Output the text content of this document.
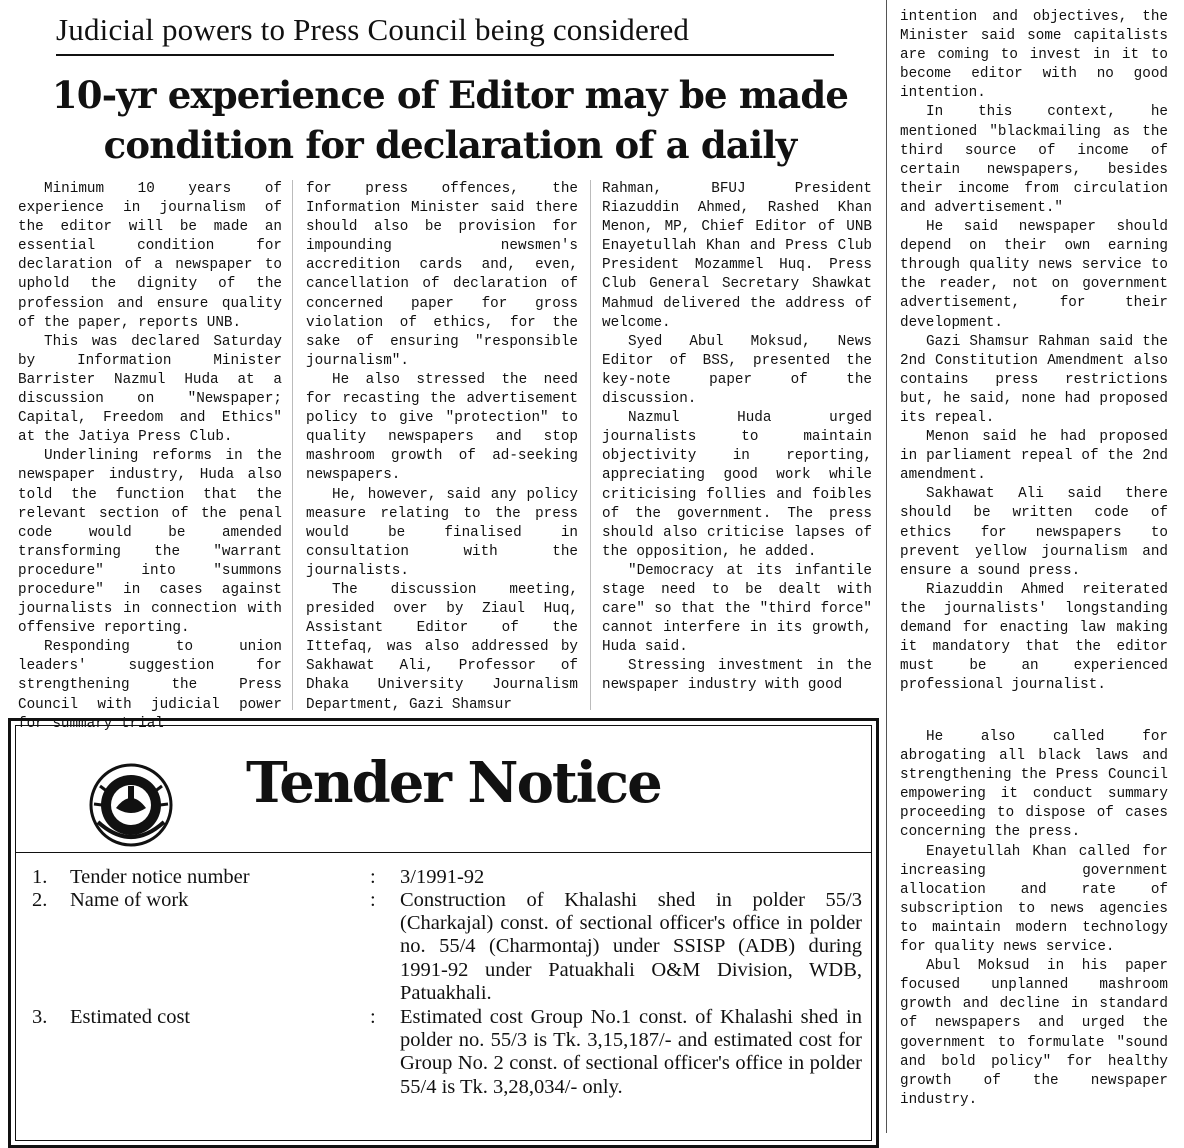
Judicial powers to Press Council being considered
10-yr experience of Editor may be made condition for declaration of a daily

Minimum 10 years of experience in journalism of the editor will be made an essential condition for declaration of a newspaper to uphold the dignity of the profession and ensure quality of the paper, reports UNB.

This was declared Saturday by Information Minister Barrister Nazmul Huda at a discussion on "Newspaper; Capital, Freedom and Ethics" at the Jatiya Press Club.

Underlining reforms in the newspaper industry, Huda also told the function that the relevant section of the penal code would be amended transforming the "warrant procedure" into "summons procedure" in cases against journalists in connection with offensive reporting.

Responding to union leaders' suggestion for strengthening the Press Council with judicial power for summary trial

for press offences, the Information Minister said there should also be provision for impounding newsmen's accredition cards and, even, cancellation of declaration of concerned paper for gross violation of ethics, for the sake of ensuring "responsible journalism".

He also stressed the need for recasting the advertisement policy to give "protection" to quality newspapers and stop mashroom growth of ad-seeking newspapers.

He, however, said any policy measure relating to the press would be finalised in consultation with the journalists.

The discussion meeting, presided over by Ziaul Huq, Assistant Editor of the Ittefaq, was also addressed by Sakhawat Ali, Professor of Dhaka University Journalism Department, Gazi Shamsur

Rahman, BFUJ President Riazuddin Ahmed, Rashed Khan Menon, MP, Chief Editor of UNB Enayetullah Khan and Press Club President Mozammel Huq. Press Club General Secretary Shawkat Mahmud delivered the address of welcome.

Syed Abul Moksud, News Editor of BSS, presented the key-note paper of the discussion.

Nazmul Huda urged journalists to maintain objectivity in reporting, appreciating good work while criticising follies and foibles of the government. The press should also criticise lapses of the opposition, he added.

"Democracy at its infantile stage need to be dealt with care" so that the "third force" cannot interfere in its growth, Huda said.

Stressing investment in the newspaper industry with good

intention and objectives, the Minister said some capitalists are coming to invest in it to become editor with no good intention.

In this context, he mentioned "blackmailing as the third source of income of certain newspapers, besides their income from circulation and advertisement."

He said newspaper should depend on their own earning through quality news service to the reader, not on government advertisement, for their development.

Gazi Shamsur Rahman said the 2nd Constitution Amendment also contains press restrictions but, he said, none had proposed its repeal.

Menon said he had proposed in parliament repeal of the 2nd amendment.

Sakhawat Ali said there should be written code of ethics for newspapers to prevent yellow journalism and ensure a sound press.

Riazuddin Ahmed reiterated the journalists' longstanding demand for enacting law making it mandatory that the editor must be an experienced professional journalist.

He also called for abrogating all black laws and strengthening the Press Council empowering it conduct summary proceeding to dispose of cases concerning the press.

Enayetullah Khan called for increasing government allocation and rate of subscription to news agencies to maintain modern technology for quality news service.

Abul Moksud in his paper focused unplanned mashroom growth and decline in standard of newspapers and urged the government to formulate "sound and bold policy" for healthy growth of the newspaper industry.

Tender Notice
1.	Tender notice number	:	3/1991-92
2.	Name of work	:	Construction of Khalashi shed in polder 55/3 (Charkajal) const. of sectional officer's office in polder no. 55/4 (Charmontaj) under SSISP (ADB) during 1991-92 under Patuakhali O&M Division, WDB, Patuakhali.
3.	Estimated cost	:	Estimated cost Group No.1 const. of Khalashi shed in polder no. 55/3 is Tk. 3,15,187/- and estimated cost for Group No. 2 const. of sectional officer's office in polder 55/4 is Tk. 3,28,034/- only.
